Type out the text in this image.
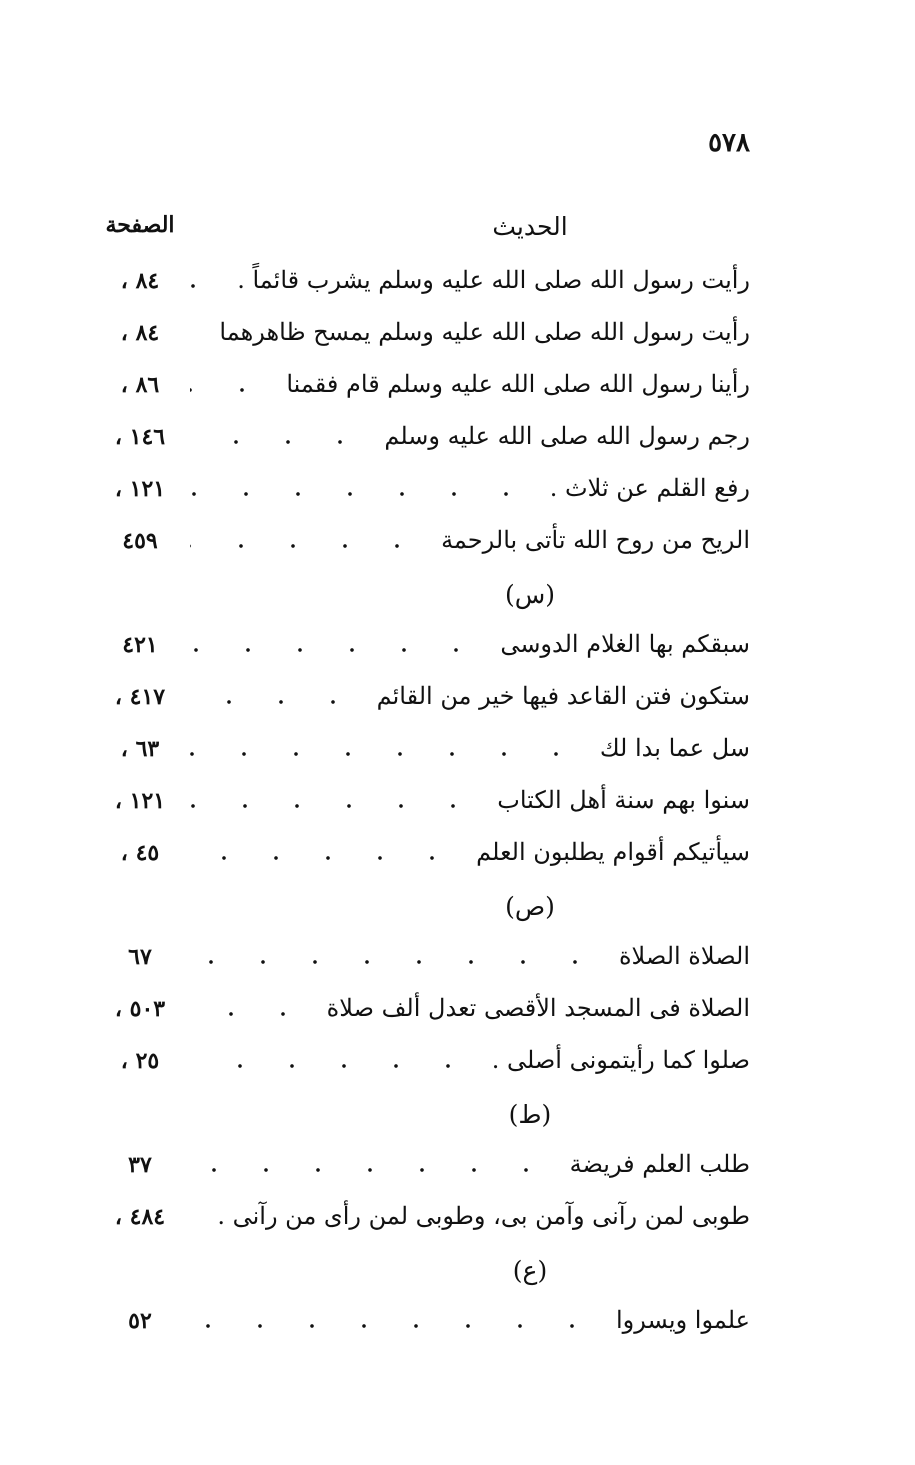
٥٧٨
الحديث
الصفحة
رأيت رسول الله صلى الله عليه وسلم يشرب قائماً .
٨٤ ،
رأيت رسول الله صلى الله عليه وسلم يمسح ظاهرهما
٨٤ ،
رأينا رسول الله صلى الله عليه وسلم قام فقمنا
٨٦ ،
رجم رسول الله صلى الله عليه وسلم
١٤٦ ،
رفع القلم عن ثلاث .
١٢١ ،
الريح من روح الله تأتى بالرحمة
٤٥٩
(س)
سبقكم بها الغلام الدوسى
٤٢١
ستكون فتن القاعد فيها خير من القائم
٤١٧ ،
سل عما بدا لك
٦٣ ،
سنوا بهم سنة أهل الكتاب
١٢١ ،
سيأتيكم أقوام يطلبون العلم
٤٥ ،
(ص)
الصلاة الصلاة
٦٧
الصلاة فى المسجد الأقصى تعدل ألف صلاة
٥٠٣ ،
صلوا كما رأيتمونى أصلى .
٢٥ ،
(ط)
طلب العلم فريضة
٣٧
طوبى لمن رآنى وآمن بى، وطوبى لمن رأى من رآنى .
٤٨٤ ،
(ع)
علموا ويسروا
٥٢
